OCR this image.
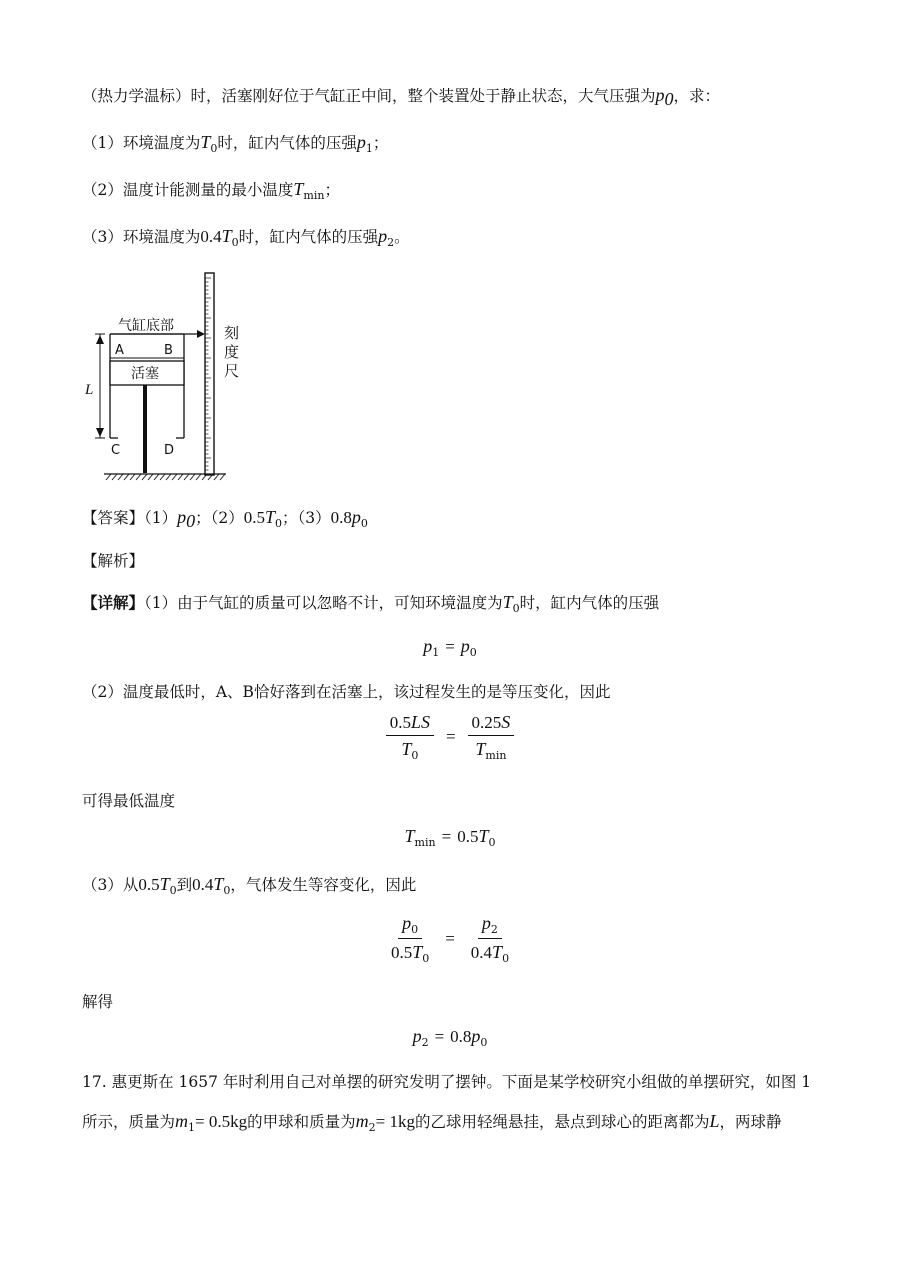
（热力学温标）时，活塞刚好位于气缸正中间，整个装置处于静止状态，大气压强为$p_0$，求：
（1）环境温度为$T_0$时，缸内气体的压强$p_1$；
（2）温度计能测量的最小温度$T_{min}$；
（3）环境温度为$0.4T_0$时，缸内气体的压强$p_2$。
气缸底部
A	B
活塞
L
C	D
刻
度
尺
【答案】$(1)p_0$；$(2)0.5T_0$；$(3)0.8p_0$
【解析】
【详解】（1）由于气缸的质量可以忽略不计，可知环境温度为$T_0$时，缸内气体的压强
$p_1 = p_0$
（2）温度最低时，A、B恰好落到在活塞上，该过程发生的是等压变化，因此
$\frac{0.5LS}{T_0} = \frac{0.25S}{T_{min}}$
可得最低温度
$T_{min} = 0.5T_0$
（3）从$0.5T_0$到$0.4T_0$，气体发生等容变化，因此
$\frac{p_0}{0.5T_0} = \frac{p_2}{0.4T_0}$
解得
$p_2 = 0.8p_0$
17. 惠更斯在 1657 年时利用自己对单摆的研究发明了摆钟。下面是某学校研究小组做的单摆研究，如图 1
所示，质量为$m_1= 0.5kg$的甲球和质量为$m_2= 1kg$的乙球用轻绳悬挂，悬点到球心的距离都为L，两球静
